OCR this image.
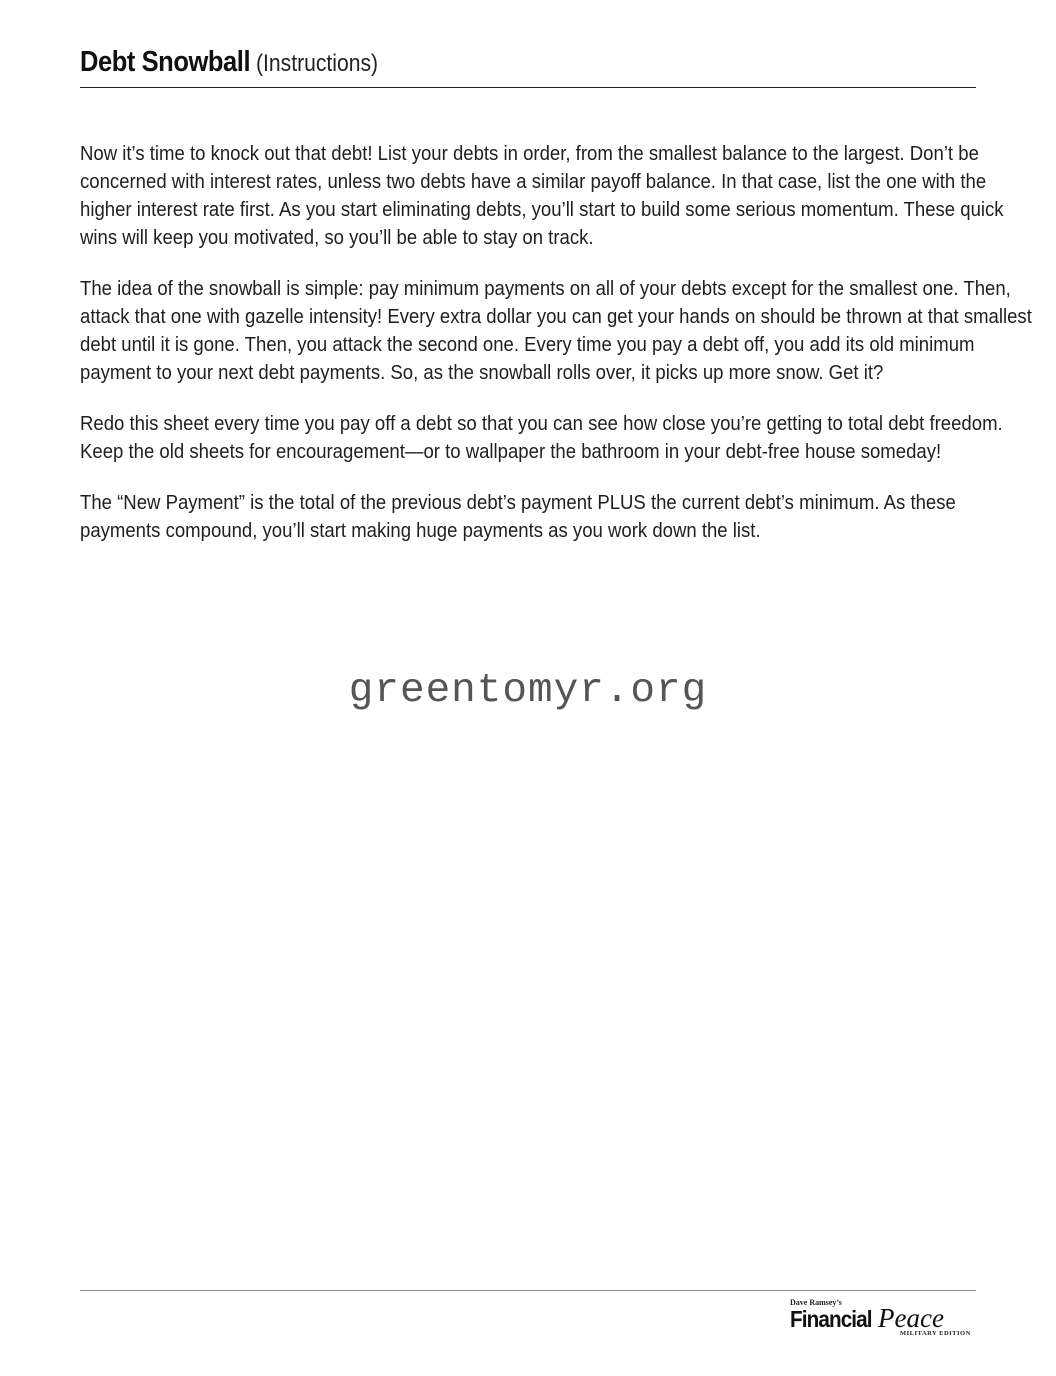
Debt Snowball (Instructions)

Now it’s time to knock out that debt! List your debts in order, from the smallest balance to the largest. Don’t be concerned with interest rates, unless two debts have a similar payoff balance. In that case, list the one with the higher interest rate first. As you start eliminating debts, you’ll start to build some serious momentum. These quick wins will keep you motivated, so you’ll be able to stay on track.

The idea of the snowball is simple: pay minimum payments on all of your debts except for the smallest one. Then, attack that one with gazelle intensity! Every extra dollar you can get your hands on should be thrown at that smallest debt until it is gone. Then, you attack the second one. Every time you pay a debt off, you add its old minimum payment to your next debt payments. So, as the snowball rolls over, it picks up more snow. Get it?

Redo this sheet every time you pay off a debt so that you can see how close you’re getting to total debt freedom. Keep the old sheets for encouragement—or to wallpaper the bathroom in your debt-free house someday!

The “New Payment” is the total of the previous debt’s payment PLUS the current debt’s minimum. As these payments compound, you’ll start making huge payments as you work down the list.

greentomyr.org
Dave Ramsey’s
Financial Peace
MILITARY EDITION
